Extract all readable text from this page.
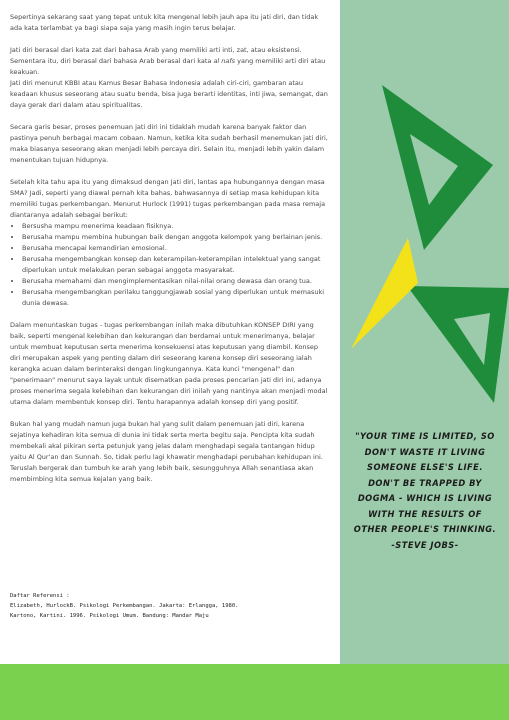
Sepertinya sekarang saat yang tepat untuk kita mengenal lebih jauh apa itu jati diri, dan tidak ada kata terlambat ya bagi siapa saja yang masih ingin terus belajar.

Jati diri berasal dari kata zat dari bahasa Arab yang memiliki arti inti, zat, atau eksistensi. Sementara itu, diri berasal dari bahasa Arab berasal dari kata al nafs yang memiliki arti diri atau keakuan.
Jati diri menurut KBBI atau Kamus Besar Bahasa Indonesia adalah ciri-ciri, gambaran atau keadaan khusus seseorang atau suatu benda, bisa juga berarti identitas, inti jiwa, semangat, dan daya gerak dari dalam atau spiritualitas.

Secara garis besar, proses penemuan jati diri ini tidaklah mudah karena banyak faktor dan pastinya penuh berbagai macam cobaan. Namun, ketika kita sudah berhasil menemukan jati diri, maka biasanya seseorang akan menjadi lebih percaya diri. Selain itu, menjadi lebih yakin dalam menentukan tujuan hidupnya.

Setelah kita tahu apa itu yang dimaksud dengan Jati diri, lantas apa hubungannya dengan masa SMA? Jadi, seperti yang diawal pernah kita bahas, bahwasannya di setiap masa kehidupan kita memiliki tugas perkembangan. Menurut Hurlock (1991) tugas perkembangan pada masa remaja diantaranya adalah sebagai berikut:

• Bersusha mampu menerima keadaan fisiknya.
• Berusaha mampu membina hubungan baik dengan anggota kelompok yang berlainan jenis.
• Berusaha mencapai kemandirian emosional.
• Berusaha mengembangkan konsep dan keterampilan-keterampilan intelektual yang sangat diperlukan untuk melakukan peran sebagai anggota masyarakat.
• Berusaha memahami dan mengimplementasikan nilai-nilai orang dewasa dan orang tua.
• Berusaha mengembangkan perilaku tanggungjawab sosial yang diperlukan untuk memasuki dunia dewasa.

Dalam menuntaskan tugas - tugas perkembangan inilah maka dibutuhkan KONSEP DIRI yang baik, seperti mengenal kelebihan dan kekurangan dan berdamai untuk menerimanya, belajar untuk membuat keputusan serta menerima konsekuensi atas keputusan yang diambil. Konsep diri merupakan aspek yang penting dalam diri seseorang karena konsep diri seseorang ialah kerangka acuan dalam berinteraksi dengan lingkungannya. Kata kunci "mengenal" dan "penerimaan" menurut saya layak untuk disematkan pada proses pencarian jati diri ini, adanya proses menerima segala kelebihan dan kekurangan diri inilah yang nantinya akan menjadi modal utama dalam membentuk konsep diri. Tentu harapannya adalah konsep diri yang positif.

Bukan hal yang mudah namun juga bukan hal yang sulit dalam penemuan jati diri, karena sejatinya kehadiran kita semua di dunia ini tidak serta merta begitu saja. Pencipta kita sudah membekali akal pikiran serta petunjuk yang jelas dalam menghadapi segala tantangan hidup yaitu Al Qur'an dan Sunnah. So, tidak perlu lagi khawatir menghadapi perubahan kehidupan ini. Teruslah bergerak dan tumbuh ke arah yang lebih baik, sesungguhnya Allah senantiasa akan membimbing kita semua kejalan yang baik.

"YOUR TIME IS LIMITED, SO DON'T WASTE IT LIVING SOMEONE ELSE'S LIFE. DON'T BE TRAPPED BY DOGMA - WHICH IS LIVING WITH THE RESULTS OF OTHER PEOPLE'S THINKING.
-STEVE JOBS-
Daftar Referensi :
Elizabeth, HurlockB. Psikologi Perkembangan. Jakarta: Erlangga, 1980.
Kartono, Kartini. 1996. Psikologi Umum. Bandung: Mandar Maju
